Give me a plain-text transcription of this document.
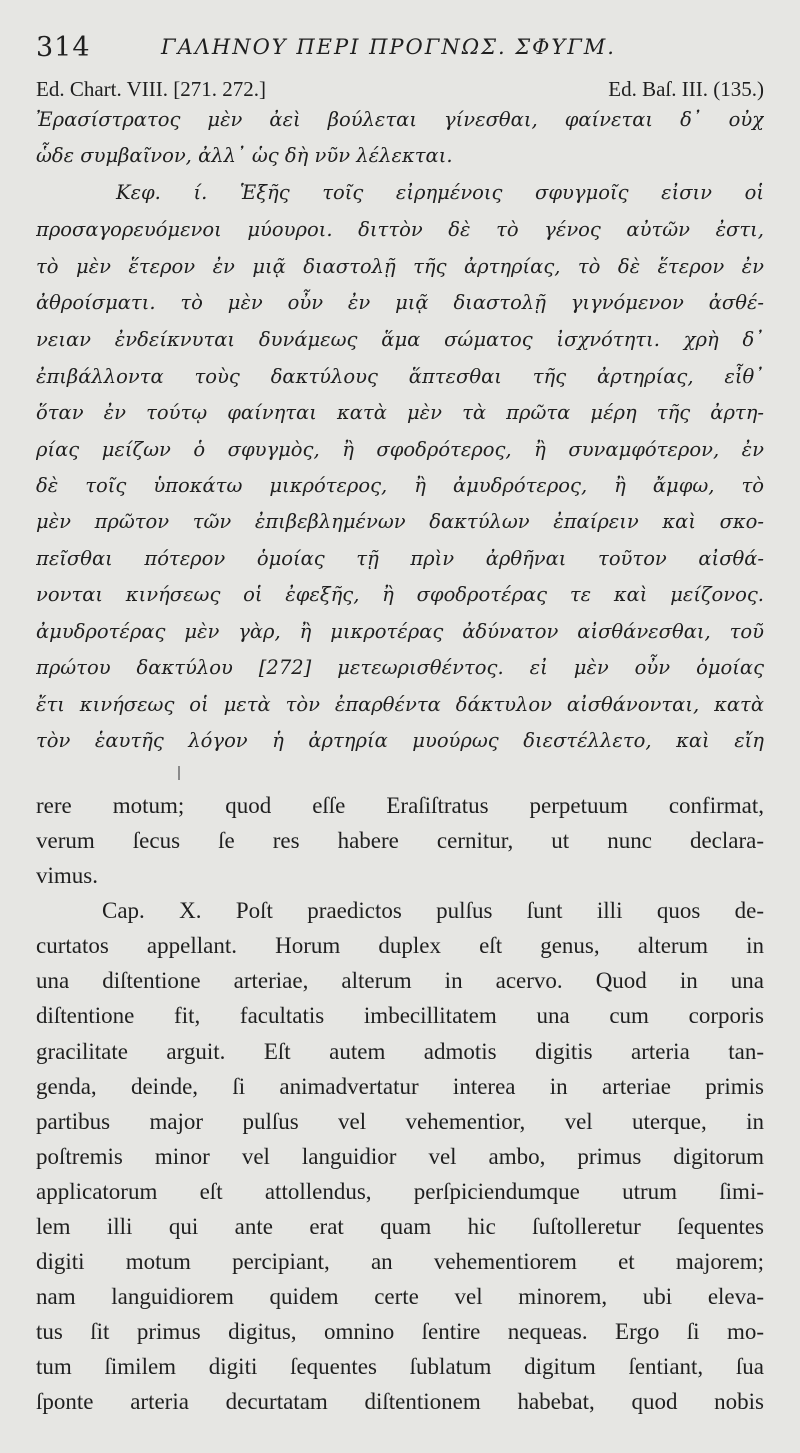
314	ΓΑΛΗΝΟΥ ΠΕΡΙ ΠΡΟΓΝΩΣ. ΣΦΥΓΜ.
Ed. Chart. VIII. [271. 272.]	Ed. Baſ. III. (135.)
Ἐρασίστρατος μὲν ἀεὶ βούλεται γίνεσθαι, φαίνεται δ᾽ οὐχ
ὧδε συμβαῖνον, ἀλλ᾽ ὡς δὴ νῦν λέλεκται.
Κεφ. ί. Ἑξῆς τοῖς εἰρημένοις σφυγμοῖς εἰσιν οἱ
προσαγορευόμενοι μύουροι. διττὸν δὲ τὸ γένος αὐτῶν ἐστι,
τὸ μὲν ἕτερον ἐν μιᾷ διαστολῇ τῆς ἀρτηρίας, τὸ δὲ ἕτερον ἐν
ἀθροίσματι. τὸ μὲν οὖν ἐν μιᾷ διαστολῇ γιγνόμενον ἀσθέ-
νειαν ἐνδείκνυται δυνάμεως ἅμα σώματος ἰσχνότητι. χρὴ δ᾽
ἐπιβάλλοντα τοὺς δακτύλους ἅπτεσθαι τῆς ἀρτηρίας, εἶθ᾽
ὅταν ἐν τούτῳ φαίνηται κατὰ μὲν τὰ πρῶτα μέρη τῆς ἀρτη-
ρίας μείζων ὁ σφυγμὸς, ἢ σφοδρότερος, ἢ συναμφότερον, ἐν
δὲ τοῖς ὑποκάτω μικρότερος, ἢ ἀμυδρότερος, ἢ ἄμφω, τὸ
μὲν πρῶτον τῶν ἐπιβεβλημένων δακτύλων ἐπαίρειν καὶ σκο-
πεῖσθαι πότερον ὁμοίας τῇ πρὶν ἀρθῆναι τοῦτον αἰσθά-
νονται κινήσεως οἱ ἐφεξῆς, ἢ σφοδροτέρας τε καὶ μείζονος.
ἀμυδροτέρας μὲν γὰρ, ἢ μικροτέρας ἀδύνατον αἰσθάνεσθαι, τοῦ
πρώτου δακτύλου [272] μετεωρισθέντος. εἰ μὲν οὖν ὁμοίας
ἔτι κινήσεως οἱ μετὰ τὸν ἐπαρθέντα δάκτυλον αἰσθάνονται, κατὰ
τὸν ἑαυτῆς λόγον ἡ ἀρτηρία μυούρως διεστέλλετο, καὶ εἴη
rere motum; quod eſſe Eraſiſtratus perpetuum confirmat,
verum ſecus ſe res habere cernitur, ut nunc declara-
vimus.
Cap. X. Poſt praedictos pulſus ſunt illi quos de-
curtatos appellant. Horum duplex eſt genus, alterum in
una diſtentione arteriae, alterum in acervo. Quod in una
diſtentione fit, facultatis imbecillitatem una cum corporis
gracilitate arguit. Eſt autem admotis digitis arteria tan-
genda, deinde, ſi animadvertatur interea in arteriae primis
partibus major pulſus vel vehementior, vel uterque, in
poſtremis minor vel languidior vel ambo, primus digitorum
applicatorum eſt attollendus, perſpiciendumque utrum ſimi-
lem illi qui ante erat quam hic ſuſtolleretur ſequentes
digiti motum percipiant, an vehementiorem et majorem;
nam languidiorem quidem certe vel minorem, ubi eleva-
tus ſit primus digitus, omnino ſentire nequeas. Ergo ſi mo-
tum ſimilem digiti ſequentes ſublatum digitum ſentiant, ſua
ſponte arteria decurtatam diſtentionem habebat, quod nobis
